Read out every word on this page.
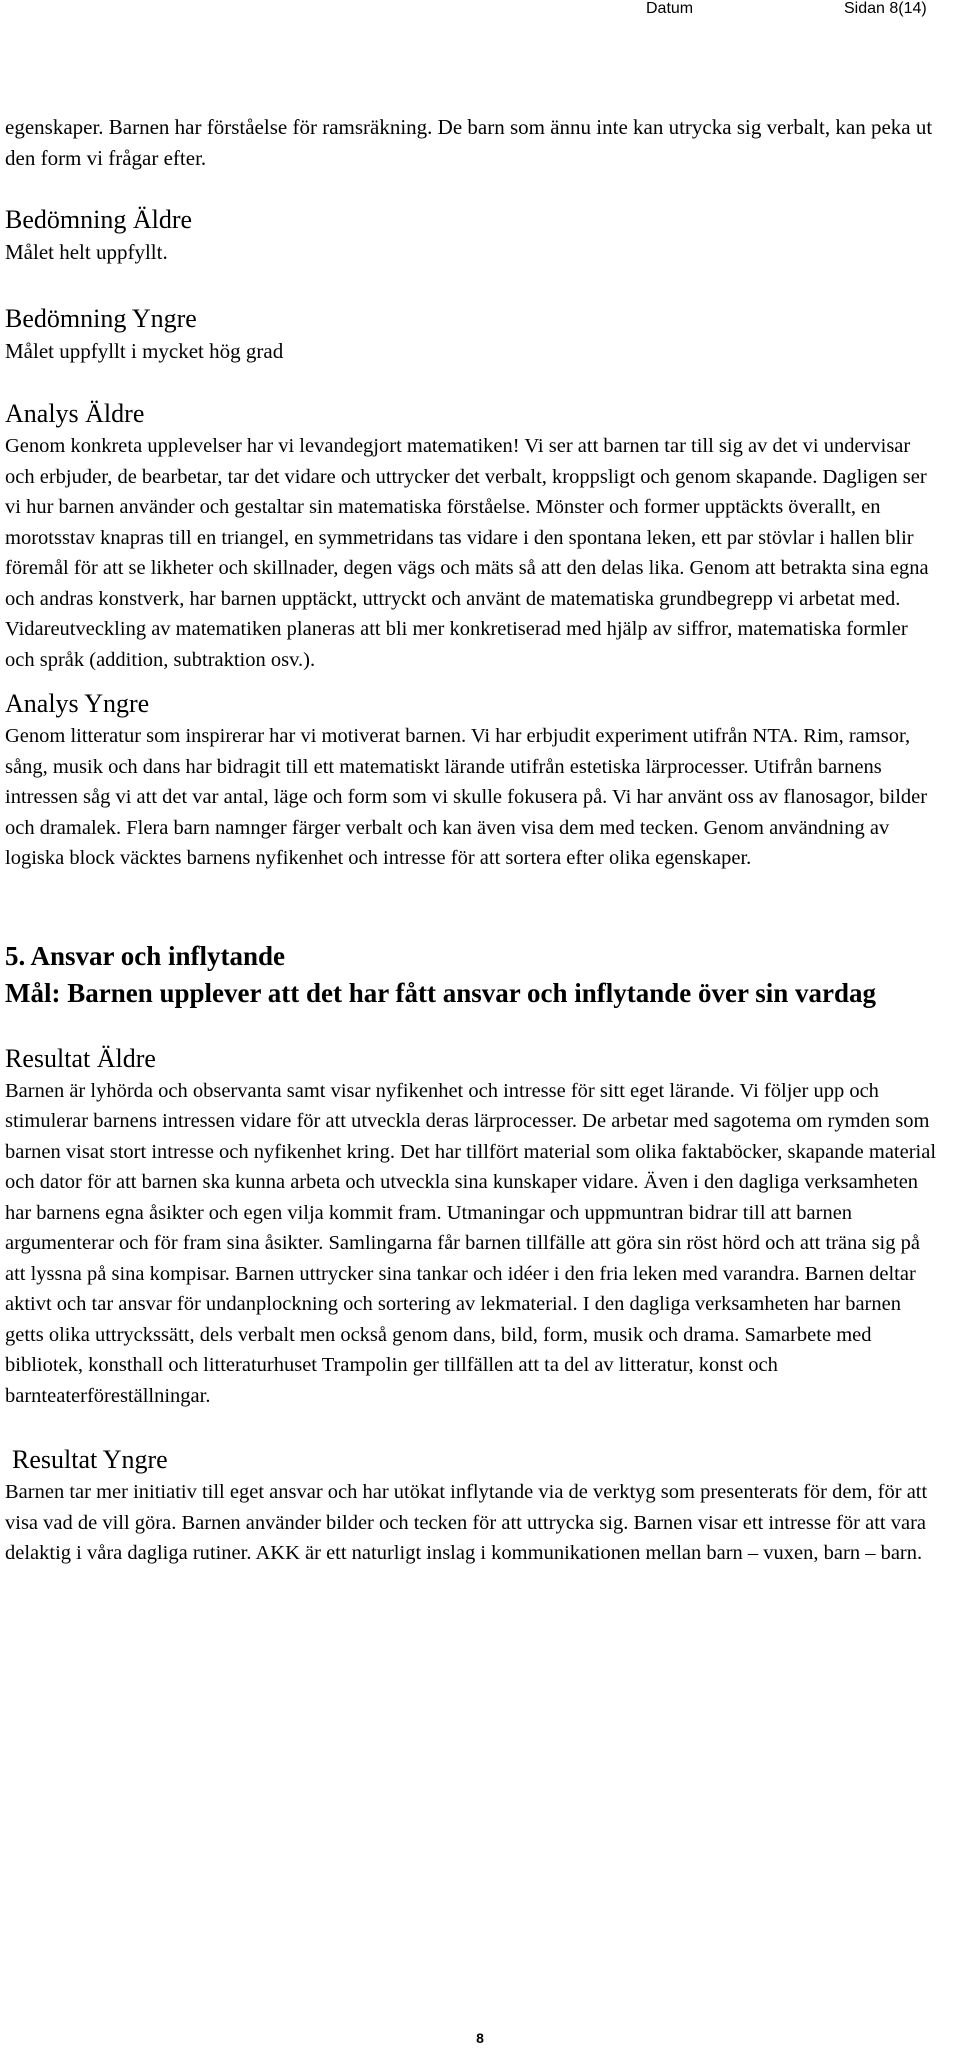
Datum	Sidan 8(14)

egenskaper. Barnen har förståelse för ramsräkning. De barn som ännu inte kan utrycka sig verbalt, kan peka ut den form vi frågar efter.

Bedömning Äldre

Målet helt uppfyllt.

Bedömning Yngre

Målet uppfyllt i mycket hög grad

Analys Äldre

Genom konkreta upplevelser har vi levandegjort matematiken! Vi ser att barnen tar till sig av det vi undervisar och erbjuder, de bearbetar, tar det vidare och uttrycker det verbalt, kroppsligt och genom skapande. Dagligen ser vi hur barnen använder och gestaltar sin matematiska förståelse. Mönster och former upptäckts överallt, en morotsstav knapras till en triangel, en symmetridans tas vidare i den spontana leken, ett par stövlar i hallen blir föremål för att se likheter och skillnader, degen vägs och mäts så att den delas lika. Genom att betrakta sina egna och andras konstverk, har barnen upptäckt, uttryckt och använt de matematiska grundbegrepp vi arbetat med. Vidareutveckling av matematiken planeras att bli mer konkretiserad med hjälp av siffror, matematiska formler och språk (addition, subtraktion osv.).

Analys Yngre

Genom litteratur som inspirerar har vi motiverat barnen. Vi har erbjudit experiment utifrån NTA. Rim, ramsor, sång, musik och dans har bidragit till ett matematiskt lärande utifrån estetiska lärprocesser. Utifrån barnens intressen såg vi att det var antal, läge och form som vi skulle fokusera på. Vi har använt oss av flanosagor, bilder och dramalek. Flera barn namnger färger verbalt och kan även visa dem med tecken. Genom användning av logiska block väcktes barnens nyfikenhet och intresse för att sortera efter olika egenskaper.

5. Ansvar och inflytande
Mål: Barnen upplever att det har fått ansvar och inflytande över sin vardag
Resultat Äldre

Barnen är lyhörda och observanta samt visar nyfikenhet och intresse för sitt eget lärande. Vi följer upp och stimulerar barnens intressen vidare för att utveckla deras lärprocesser. De arbetar med sagotema om rymden som barnen visat stort intresse och nyfikenhet kring. Det har tillfört material som olika faktaböcker, skapande material och dator för att barnen ska kunna arbeta och utveckla sina kunskaper vidare. Även i den dagliga verksamheten har barnens egna åsikter och egen vilja kommit fram. Utmaningar och uppmuntran bidrar till att barnen argumenterar och för fram sina åsikter. Samlingarna får barnen tillfälle att göra sin röst hörd och att träna sig på att lyssna på sina kompisar. Barnen uttrycker sina tankar och idéer i den fria leken med varandra. Barnen deltar aktivt och tar ansvar för undanplockning och sortering av lekmaterial. I den dagliga verksamheten har barnen getts olika uttryckssätt, dels verbalt men också genom dans, bild, form, musik och drama. Samarbete med bibliotek, konsthall och litteraturhuset Trampolin ger tillfällen att ta del av litteratur, konst och barnteaterföreställningar.

Resultat Yngre

Barnen tar mer initiativ till eget ansvar och har utökat inflytande via de verktyg som presenterats för dem, för att visa vad de vill göra. Barnen använder bilder och tecken för att uttrycka sig. Barnen visar ett intresse för att vara delaktig i våra dagliga rutiner. AKK är ett naturligt inslag i kommunikationen mellan barn – vuxen, barn – barn.

8
